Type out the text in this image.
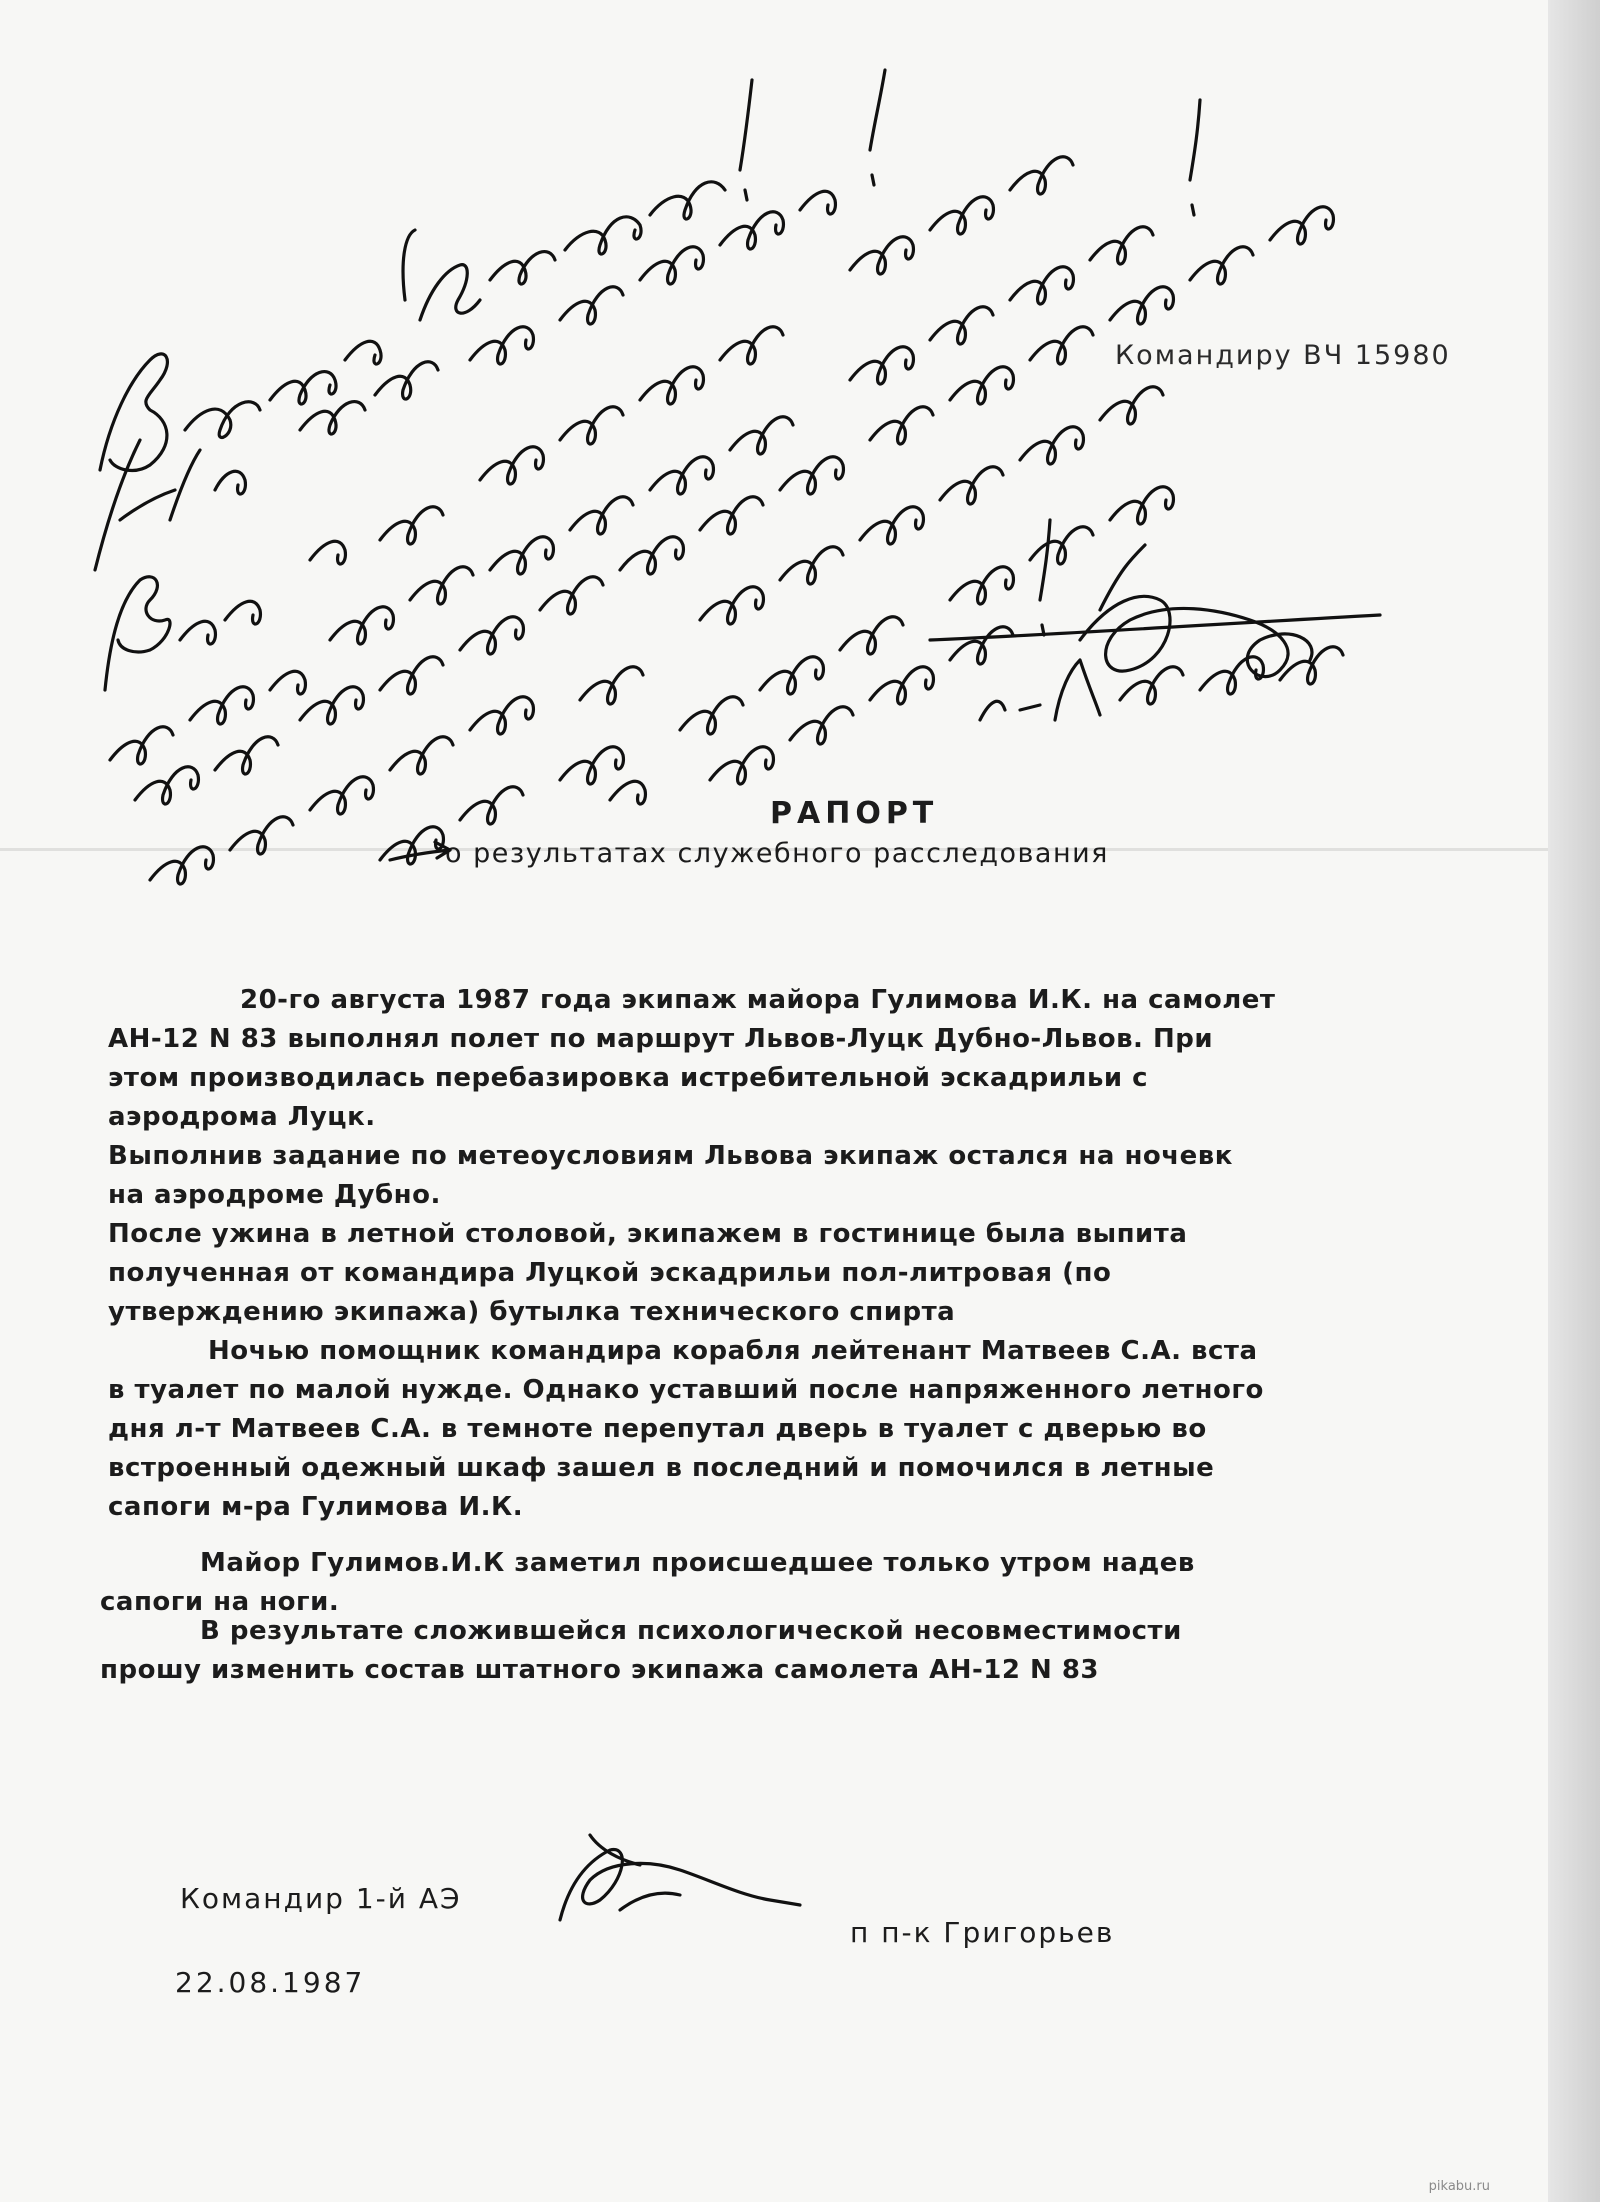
Командиру ВЧ 15980
РАПОРТ
о результатах служебного расследования
20-го августа 1987 года экипаж майора Гулимова И.К. на самолет
АН-12 N 83 выполнял полет по маршрут Львов-Луцк Дубно-Львов. При
этом производилась перебазировка истребительной эскадрильи с
аэродрома Луцк.
Выполнив задание по метеоусловиям Львова экипаж остался на ночевк
на аэродроме Дубно.
После ужина в летной столовой, экипажем в гостинице была выпита
полученная от командира Луцкой эскадрильи пол-литровая (по
утверждению экипажа) бутылка технического спирта
Ночью помощник командира корабля лейтенант Матвеев С.А. вста
в туалет по малой нужде. Однако уставший после напряженного летного
дня л-т Матвеев С.А. в темноте перепутал дверь в туалет с дверью во
встроенный одежный шкаф зашел в последний и помочился в летные
сапоги м-ра Гулимова И.К.
Майор Гулимов.И.К заметил происшедшее только утром надев
сапоги на ноги.
В результате сложившейся психологической несовместимости
прошу изменить состав штатного экипажа самолета АН-12 N 83
Командир 1-й АЭ
п п-к Григорьев
22.08.1987
pikabu.ru
